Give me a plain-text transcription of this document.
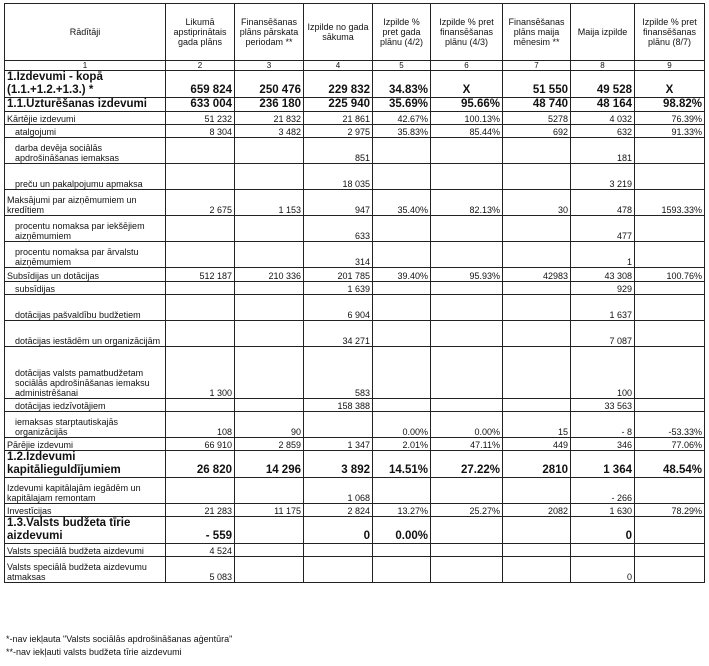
Rādītāji	Likumā apstiprinātais gada plāns	Finansēšanas plāns pārskata periodam **	Izpilde no gada sākuma	Izpilde % pret gada plānu (4/2)	Izpilde % pret finansēšanas plānu (4/3)	Finansēšanas plāns maija mēnesim **	Maija izpilde	Izpilde % pret finansēšanas plānu (8/7)
1	2	3	4	5	6	7	8	9
1.Izdevumi - kopā (1.1.+1.2.+1.3.) *	659 824	250 476	229 832	34.83%	X	51 550	49 528	X
1.1.Uzturēšanas izdevumi	633 004	236 180	225 940	35.69%	95.66%	48 740	48 164	98.82%
Kārtējie izdevumi	51 232	21 832	21 861	42.67%	100.13%	5278	4 032	76.39%
atalgojumi	8 304	3 482	2 975	35.83%	85.44%	692	632	91.33%
darba devēja sociālās apdrošināšanas iemaksas			851				181	
preču un pakalpojumu apmaksa			18 035				3 219	
Maksājumi par aizņēmumiem un kredītiem	2 675	1 153	947	35.40%	82.13%	30	478	1593.33%
procentu nomaksa par iekšējiem aizņēmumiem			633				477	
procentu nomaksa par ārvalstu aizņēmumiem			314				1	
Subsīdijas un dotācijas	512 187	210 336	201 785	39.40%	95.93%	42983	43 308	100.76%
subsīdijas			1 639				929	
dotācijas pašvaldību budžetiem			6 904				1 637	
dotācijas iestādēm un organizācijām			34 271				7 087	
dotācijas valsts pamatbudžetam sociālās apdrošināšanas iemaksu administrēšanai	1 300		583				100	
dotācijas iedzīvotājiem			158 388				33 563	
iemaksas starptautiskajās organizācijās	108	90		0.00%	0.00%	15	- 8	-53.33%
Pārējie izdevumi	66 910	2 859	1 347	2.01%	47.11%	449	346	77.06%
1.2.Izdevumi kapitālieguldījumiem	26 820	14 296	3 892	14.51%	27.22%	2810	1 364	48.54%
Izdevumi kapitālajām iegādēm un kapitālajam remontam			1 068				- 266	
Investīcijas	21 283	11 175	2 824	13.27%	25.27%	2082	1 630	78.29%
1.3.Valsts budžeta tīrie aizdevumi	- 559		0	0.00%			0	
Valsts speciālā budžeta aizdevumi	4 524							
Valsts speciālā budžeta aizdevumu atmaksas	5 083						0	
*-nav iekļauta "Valsts sociālās apdrošināšanas aģentūra"
**-nav iekļauti valsts budžeta tīrie aizdevumi
